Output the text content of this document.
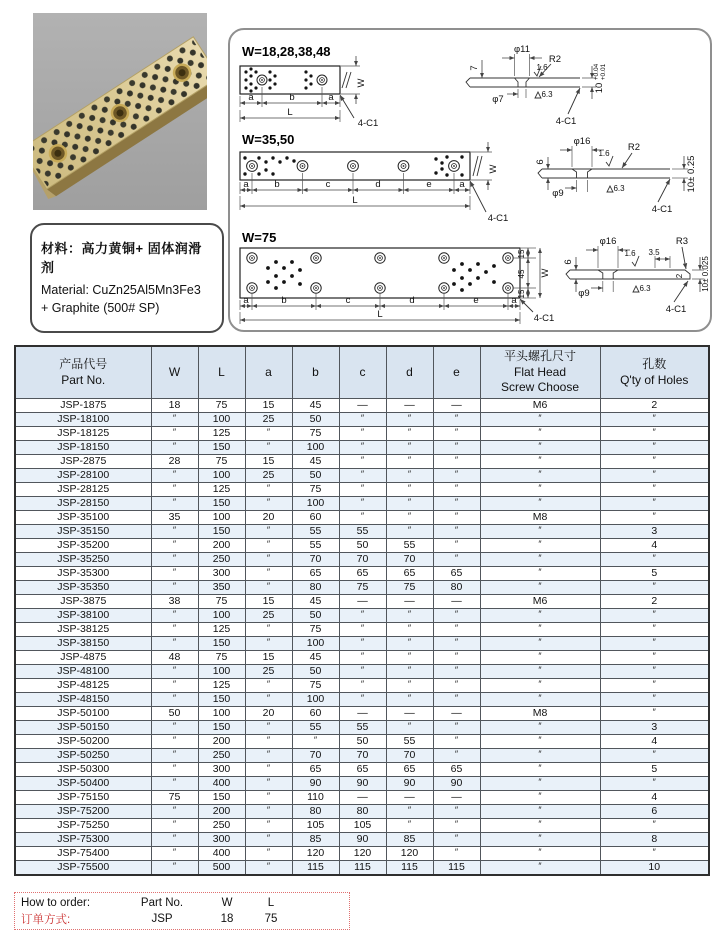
材料：高力黄铜+ 固体润滑剂
Material: CuZn25Al5Mn3Fe3
+ Graphite (500# SP)
W=18,28,38,48
a	b	a
L
W
4-C1
φ11
7
R2
1.6
6.3
φ7
10
+0.04 +0.01
4-C1
W=35,50
a	b	c	d	e	a
L
W
4-C1
φ16
6
R2
1.6
6.3
φ9
10± 0.25
4-C1
W=75
15
45
15
W
a	b	c	d	e	a
L	4-C1
φ16
3.5
R3
6
1.6
6.3
φ9
2 10± 0.025
4-C1
产品代号
Part No.
	W	L	a	b	c	d	e	
平头螺孔尺寸
Flat Head
Screw Choose

孔数
Q'ty of Holes

JSP-1875	18	75	15	45	—	—	—	M6	2
JSP-18100	″	100	25	50	″	″	″	″	″
JSP-18125	″	125	″	75	″	″	″	″	″
JSP-18150	″	150	″	100	″	″	″	″	″
JSP-2875	28	75	15	45	″	″	″	″	″
JSP-28100	″	100	25	50	″	″	″	″	″
JSP-28125	″	125	″	75	″	″	″	″	″
JSP-28150	″	150	″	100	″	″	″	″	″
JSP-35100	35	100	20	60	″	″	″	M8	″
JSP-35150	″	150	″	55	55	″	″	″	3
JSP-35200	″	200	″	55	50	55	″	″	4
JSP-35250	″	250	″	70	70	70	″	″	″
JSP-35300	″	300	″	65	65	65	65	″	5
JSP-35350	″	350	″	80	75	75	80	″	″
JSP-3875	38	75	15	45	—	—	—	M6	2
JSP-38100	″	100	25	50	″	″	″	″	″
JSP-38125	″	125	″	75	″	″	″	″	″
JSP-38150	″	150	″	100	″	″	″	″	″
JSP-4875	48	75	15	45	″	″	″	″	″
JSP-48100	″	100	25	50	″	″	″	″	″
JSP-48125	″	125	″	75	″	″	″	″	″
JSP-48150	″	150	″	100	″	″	″	″	″
JSP-50100	50	100	20	60	—	—	—	M8	″
JSP-50150	″	150	″	55	55	″	″	″	3
JSP-50200	″	200	″	″	50	55	″	″	4
JSP-50250	″	250	″	70	70	70	″	″	″
JSP-50300	″	300	″	65	65	65	65	″	5
JSP-50400	″	400	″	90	90	90	90	″	″
JSP-75150	75	150	″	110	—	—	—	″	4
JSP-75200	″	200	″	80	80	″	″	″	6
JSP-75250	″	250	″	105	105	″	″	″	″
JSP-75300	″	300	″	85	90	85	″	″	8
JSP-75400	″	400	″	120	120	120	″	″	″
JSP-75500	″	500	″	115	115	115	115	″	10
How to order:	Part No.	W	L
订单方式:	JSP	18	75
